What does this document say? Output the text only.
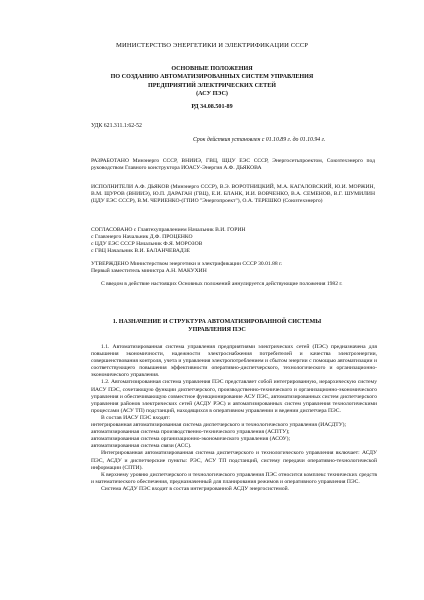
МИНИСТЕРСТВО ЭНЕРГЕТИКИ И ЭЛЕКТРИФИКАЦИИ СССР
ОСНОВНЫЕ ПОЛОЖЕНИЯ
ПО СОЗДАНИЮ АВТОМАТИЗИРОВАННЫХ СИСТЕМ УПРАВЛЕНИЯ
ПРЕДПРИЯТИЙ ЭЛЕКТРИЧЕСКИХ СЕТЕЙ
(АСУ ПЭС)
РД 34.08.501-89
УДК 621.311.1:62-52
Срок действия установлен с 01.10.89 г. до 01.10.94 г.

РАЗРАБОТАНО Минэнерго СССР, ВНИИЭ, ГВЦ, ЩЦУ ЕЭС СССР, Энергосетьпроектом, Союзтехэнерго под руководством Главного конструктора ИОАСУ-Энергия А.Ф. ДЬЯКОВА

ИСПОЛНИТЕЛИ А.Ф. ДЬЯКОВ (Минэнерго СССР), В.Э. ВОРОТНИЦКИЙ, М.А. КАГАЛОВСКИЙ, Ю.И. МОРЖИН, В.М. ЩУРОВ (ВНИИЭ), Ю.П. ДАРАГАН (ГВЦ), Е.И. БЛАНК, И.И. ВОВЧЕНКО, В.А. СЕМЕНОВ, В.Г. ШУМИЛИН (ЦДУ ЕЭС СССР), В.М. ЧЕРИЕНКО-(ГПИО "Энергопроект"), О.А. ТЕРЕШКО (Союзтехэнерго)

СОГЛАСОВАНО с Главтехуправлением Начальник В.И. ГОРИН

с Главэнерго Начальник Д.Ф. ПРОЦЕНКО

с ЦДУ ЕЭС СССР Начальник Ф.Я. МОРОЗОВ

с ГВЦ Начальник В.И. БАЛАНЧЕВАДЗЕ

УТВЕРЖДЕНО Министерством энергетики и электрификации СССР 30.01.88 г.

Первый заместитель министра А.Н. МАКУХИН

С введом в действие настоящих Основных положений аннулируется действующие положения 1982 г.

1. НАЗНАЧЕНИЕ И СТРУКТУРА АВТОМАТИЗИРОВАННОЙ СИСТЕМЫ
УПРАВЛЕНИЯ ПЭС

1.1. Автоматизированная система управления предприятиями электрических сетей (ПЭС) предназначена для повышения экономичности, надежности электроснабжения потребителей и качества электроэнергии, совершенствования контроля, учета и управления электропотреблением и сбытом энергии с помощью автоматизации и соответствующего повышения эффективности оперативно-диспетчерского, технологического и организационно-экономического управления.

1.2. Автоматизированная система управления ПЭС представляет собой интегрированную, иерархическую систему ИАСУ ПЭС, сочетающую функции диспетчерского, производственно-технического и организационно-экономического управления и обеспечивающую совместное функционирование АСУ ПЭС, автоматизированных систем диспетчерского управления районов электрических сетей (АСДУ РЭС) и автоматизированных систем управления технологическими процессами (АСУ ТП) подстанций, находящихся в оперативном управлении и ведении диспетчера ПЭС.

В состав ИАСУ ПЭС входят:

интегрированная автоматизированная система диспетчерского и технологического управления (ИАСДТУ);

автоматизированная система производственно-технического управления (АСПТУ);

автоматизированная система организационно-экономического управления (АСОУ);

автоматизированная система связи (АСС).

Интегрированная автоматизированная система диспетчерского и технологического управления включает: АСДУ ПЭС, АСДУ и диспетчерские пункты: РЭС, АСУ ТП подстанций, систему передачи оперативно-технологической информации (СПТИ).

К верхнему уровню диспетчерского и технологического управления ПЭС относится комплекс технических средств и математического обеспечения, предназначенный для планирования режимов и оперативного управления ПЭС.

Система АСДУ ПЭС входит в состав интегрированной АСДУ энергосистемой.
